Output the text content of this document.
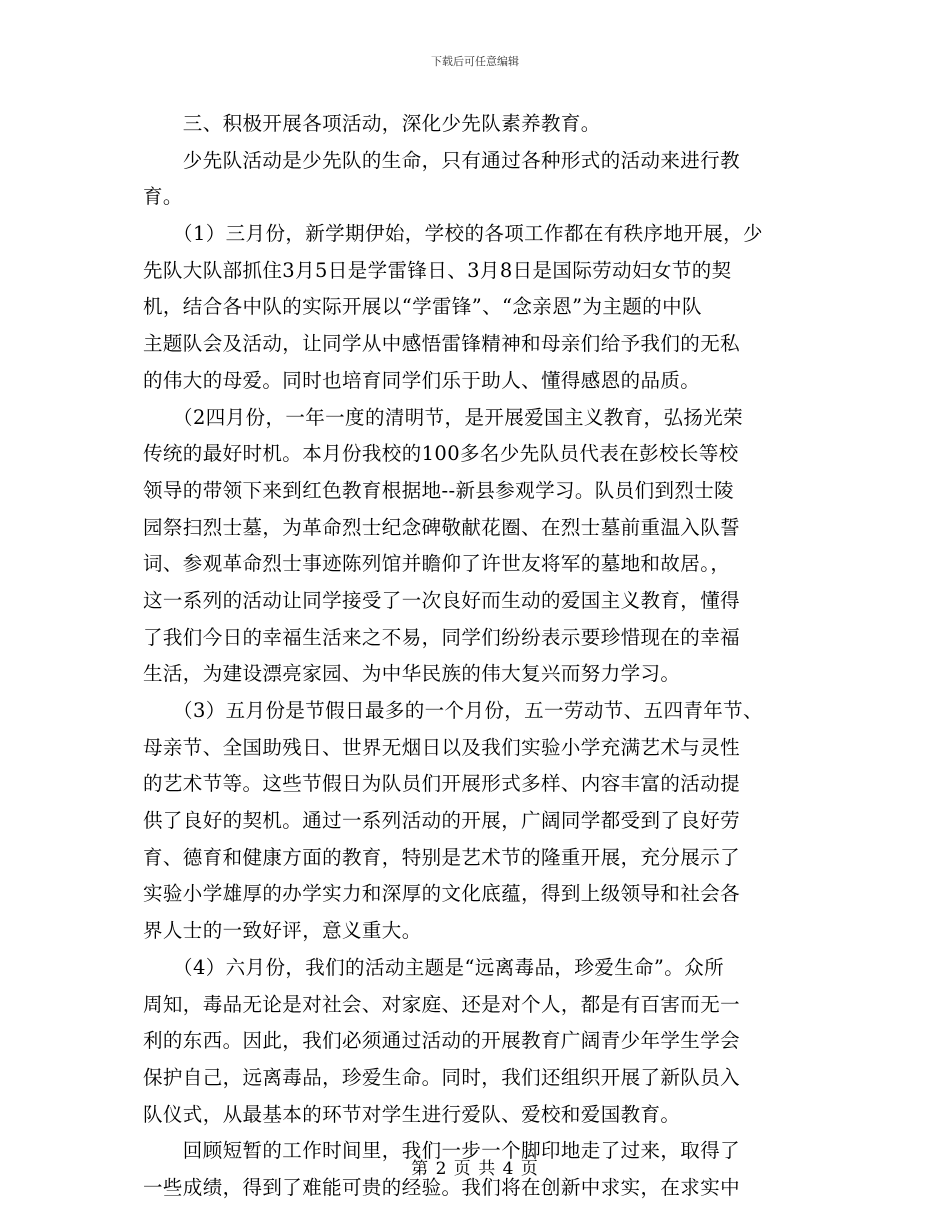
下载后可任意编辑
　　三、积极开展各项活动，深化少先队素养教育。
　　少先队活动是少先队的生命，只有通过各种形式的活动来进行教
育。
　　（1）三月份，新学期伊始，学校的各项工作都在有秩序地开展，少
先队大队部抓住3月5日是学雷锋日、3月8日是国际劳动妇女节的契
机，结合各中队的实际开展以“学雷锋”、“念亲恩”为主题的中队
主题队会及活动，让同学从中感悟雷锋精神和母亲们给予我们的无私
的伟大的母爱。同时也培育同学们乐于助人、懂得感恩的品质。
　　（2四月份，一年一度的清明节，是开展爱国主义教育，弘扬光荣
传统的最好时机。本月份我校的100多名少先队员代表在彭校长等校
领导的带领下来到红色教育根据地--新县参观学习。队员们到烈士陵
园祭扫烈士墓，为革命烈士纪念碑敬献花圈、在烈士墓前重温入队誓
词、参观革命烈士事迹陈列馆并瞻仰了许世友将军的墓地和故居。，
这一系列的活动让同学接受了一次良好而生动的爱国主义教育，懂得
了我们今日的幸福生活来之不易，同学们纷纷表示要珍惜现在的幸福
生活，为建设漂亮家园、为中华民族的伟大复兴而努力学习。
　　（3）五月份是节假日最多的一个月份，五一劳动节、五四青年节、
母亲节、全国助残日、世界无烟日以及我们实验小学充满艺术与灵性
的艺术节等。这些节假日为队员们开展形式多样、内容丰富的活动提
供了良好的契机。通过一系列活动的开展，广阔同学都受到了良好劳
育、德育和健康方面的教育，特别是艺术节的隆重开展，充分展示了
实验小学雄厚的办学实力和深厚的文化底蕴，得到上级领导和社会各
界人士的一致好评，意义重大。
　　（4）六月份，我们的活动主题是“远离毒品，珍爱生命”。众所
周知，毒品无论是对社会、对家庭、还是对个人，都是有百害而无一
利的东西。因此，我们必须通过活动的开展教育广阔青少年学生学会
保护自己，远离毒品，珍爱生命。同时，我们还组织开展了新队员入
队仪式，从最基本的环节对学生进行爱队、爱校和爱国教育。
　　回顾短暂的工作时间里，我们一步一个脚印地走了过来，取得了
一些成绩，得到了难能可贵的经验。我们将在创新中求实，在求实中
第 2 页 共 4 页
